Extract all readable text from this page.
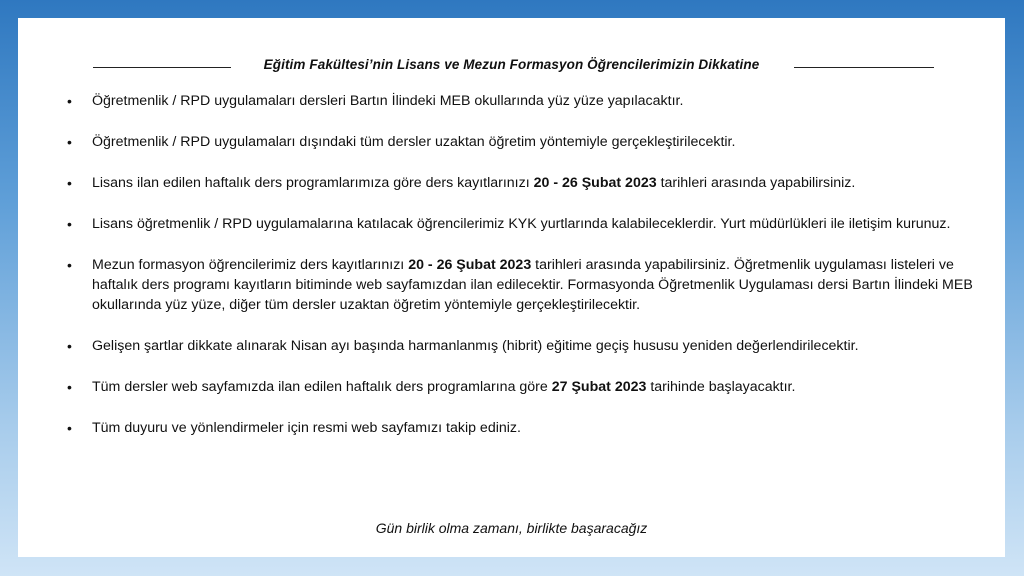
Eğitim Fakültesi’nin Lisans ve Mezun Formasyon Öğrencilerimizin Dikkatine
• Öğretmenlik / RPD uygulamaları dersleri Bartın İlindeki MEB okullarında yüz yüze yapılacaktır.
• Öğretmenlik / RPD uygulamaları dışındaki tüm dersler uzaktan öğretim yöntemiyle gerçekleştirilecektir.
• Lisans ilan edilen haftalık ders programlarımıza göre ders kayıtlarınızı 20 - 26 Şubat 2023 tarihleri arasında yapabilirsiniz.
• Lisans öğretmenlik / RPD uygulamalarına katılacak öğrencilerimiz KYK yurtlarında kalabileceklerdir. Yurt müdürlükleri ile iletişim kurunuz.
• Mezun formasyon öğrencilerimiz ders kayıtlarınızı 20 - 26 Şubat 2023 tarihleri arasında yapabilirsiniz. Öğretmenlik uygulaması listeleri ve haftalık ders programı kayıtların bitiminde web sayfamızdan ilan edilecektir. Formasyonda Öğretmenlik Uygulaması dersi Bartın İlindeki MEB okullarında yüz yüze, diğer tüm dersler uzaktan öğretim yöntemiyle gerçekleştirilecektir.
• Gelişen şartlar dikkate alınarak Nisan ayı başında harmanlanmış (hibrit) eğitime geçiş hususu yeniden değerlendirilecektir.
• Tüm dersler web sayfamızda ilan edilen haftalık ders programlarına göre 27 Şubat 2023 tarihinde başlayacaktır.
• Tüm duyuru ve yönlendirmeler için resmi web sayfamızı takip ediniz.
Gün birlik olma zamanı, birlikte başaracağız
